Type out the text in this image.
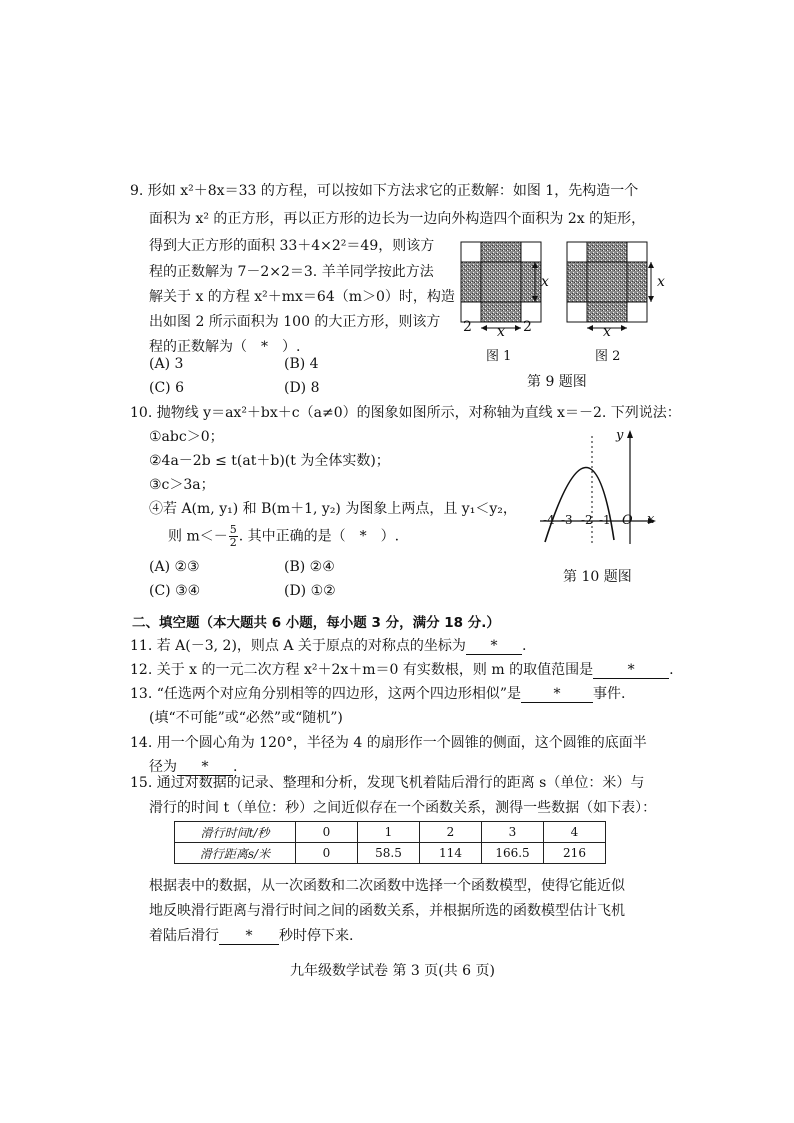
9. 形如 x²＋8x＝33 的方程，可以按如下方法求它的正数解：如图 1，先构造一个
面积为 x² 的正方形，再以正方形的边长为一边向外构造四个面积为 2x 的矩形，
得到大正方形的面积 33＋4×2²＝49，则该方
程的正数解为 7－2×2＝3. 羊羊同学按此方法
解关于 x 的方程 x²＋mx＝64（m＞0）时，构造
出如图 2 所示面积为 100 的大正方形，则该方
程的正数解为（　*　）.
(A) 3	(B) 4
(C) 6	(D) 8
x
2 x 2
x
x
图 1	图 2
第 9 题图
10. 抛物线 y＝ax²＋bx＋c（a≠0）的图象如图所示，对称轴为直线 x＝－2. 下列说法：
①abc＞0；
②4a－2b ≤ t(at＋b)(t 为全体实数)；
③c＞3a；
④若 A(m, y₁) 和 B(m＋1, y₂) 为图象上两点，且 y₁＜y₂，
则 $m<- \frac{5}{2}$ . 其中正确的是（　*　）.
(A) ②③	(B) ②④
(C) ③④	(D) ①②
y
x
O
-4 -3 -2 -1
第 10 题图
二、填空题（本大题共 6 小题，每小题 3 分，满分 18 分.）
11. 若 A(－3, 2)，则点 A 关于原点的对称点的坐标为 * .
12. 关于 x 的一元二次方程 x²＋2x＋m＝0 有实数根，则 m 的取值范围是 * .
13. “任选两个对应角分别相等的四边形，这两个四边形相似”是 * 事件.
(填“不可能”或“必然”或“随机”)
14. 用一个圆心角为 120°，半径为 4 的扇形作一个圆锥的侧面，这个圆锥的底面半
径为 * .
15. 通过对数据的记录、整理和分析，发现飞机着陆后滑行的距离 s（单位：米）与
滑行的时间 t（单位：秒）之间近似存在一个函数关系，测得一些数据（如下表）：
滑行时间t/秒	0	1	2	3	4
滑行距离s/米	0	58.5	114	166.5	216
根据表中的数据，从一次函数和二次函数中选择一个函数模型，使得它能近似
地反映滑行距离与滑行时间之间的函数关系，并根据所选的函数模型估计飞机
着陆后滑行 * 秒时停下来.
九年级数学试卷 第 3 页(共 6 页)
